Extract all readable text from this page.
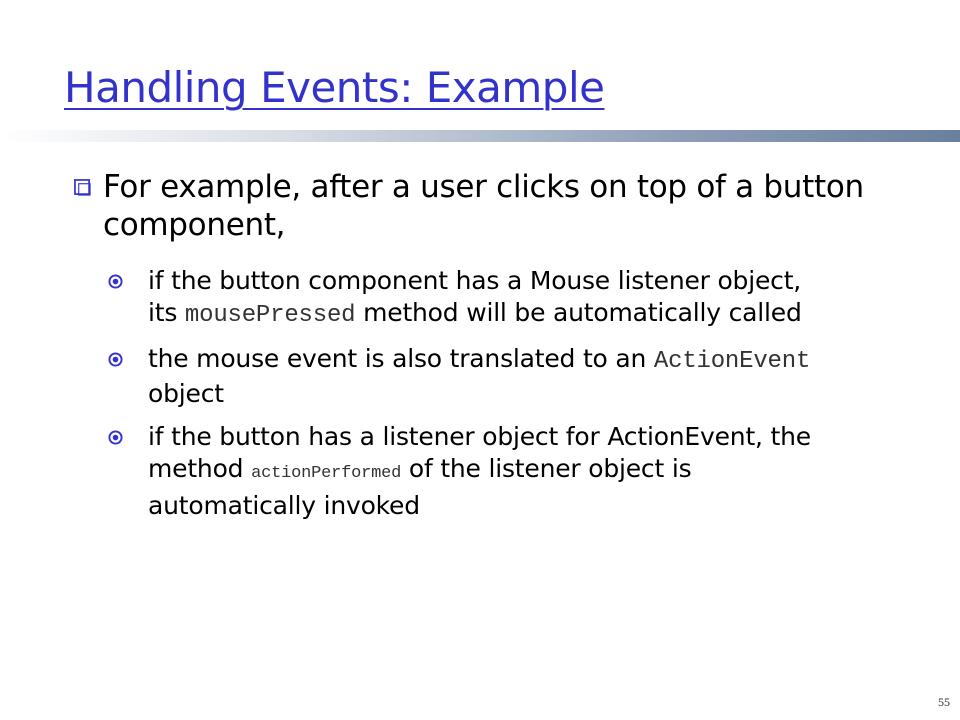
Handling Events: Example
For example, after a user clicks on top of a button component,
if the button component has a Mouse listener object, its mousePressed method will be automatically called
the mouse event is also translated to an ActionEvent object
if the button has a listener object for ActionEvent, the method actionPerformed of the listener object is automatically invoked
55
